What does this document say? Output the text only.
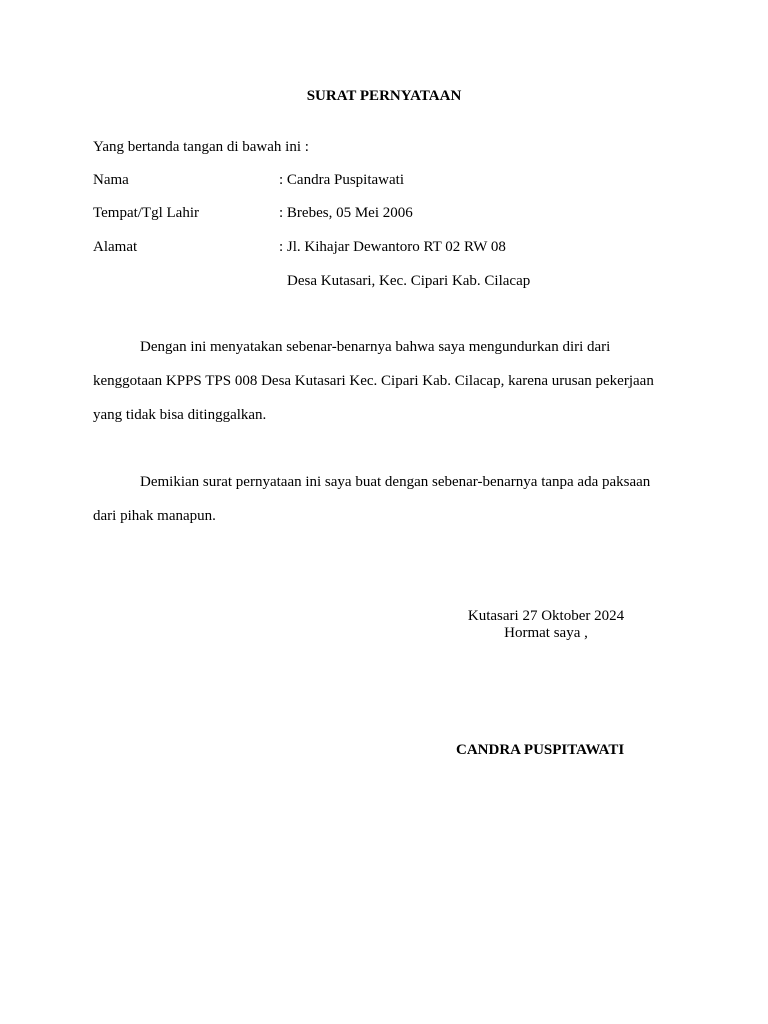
SURAT PERNYATAAN
Yang bertanda tangan di bawah ini :
Nama	: Candra Puspitawati
Tempat/Tgl Lahir	: Brebes, 05 Mei 2006
Alamat	: Jl. Kihajar Dewantoro RT 02 RW 08
Desa Kutasari, Kec. Cipari Kab. Cilacap
Dengan ini menyatakan sebenar-benarnya bahwa saya mengundurkan diri dari
kenggotaan KPPS TPS 008 Desa Kutasari Kec. Cipari Kab. Cilacap, karena urusan pekerjaan
yang tidak bisa ditinggalkan.
Demikian surat pernyataan ini saya buat dengan sebenar-benarnya tanpa ada paksaan
dari pihak manapun.
Kutasari 27 Oktober 2024
Hormat saya ,
CANDRA PUSPITAWATI
